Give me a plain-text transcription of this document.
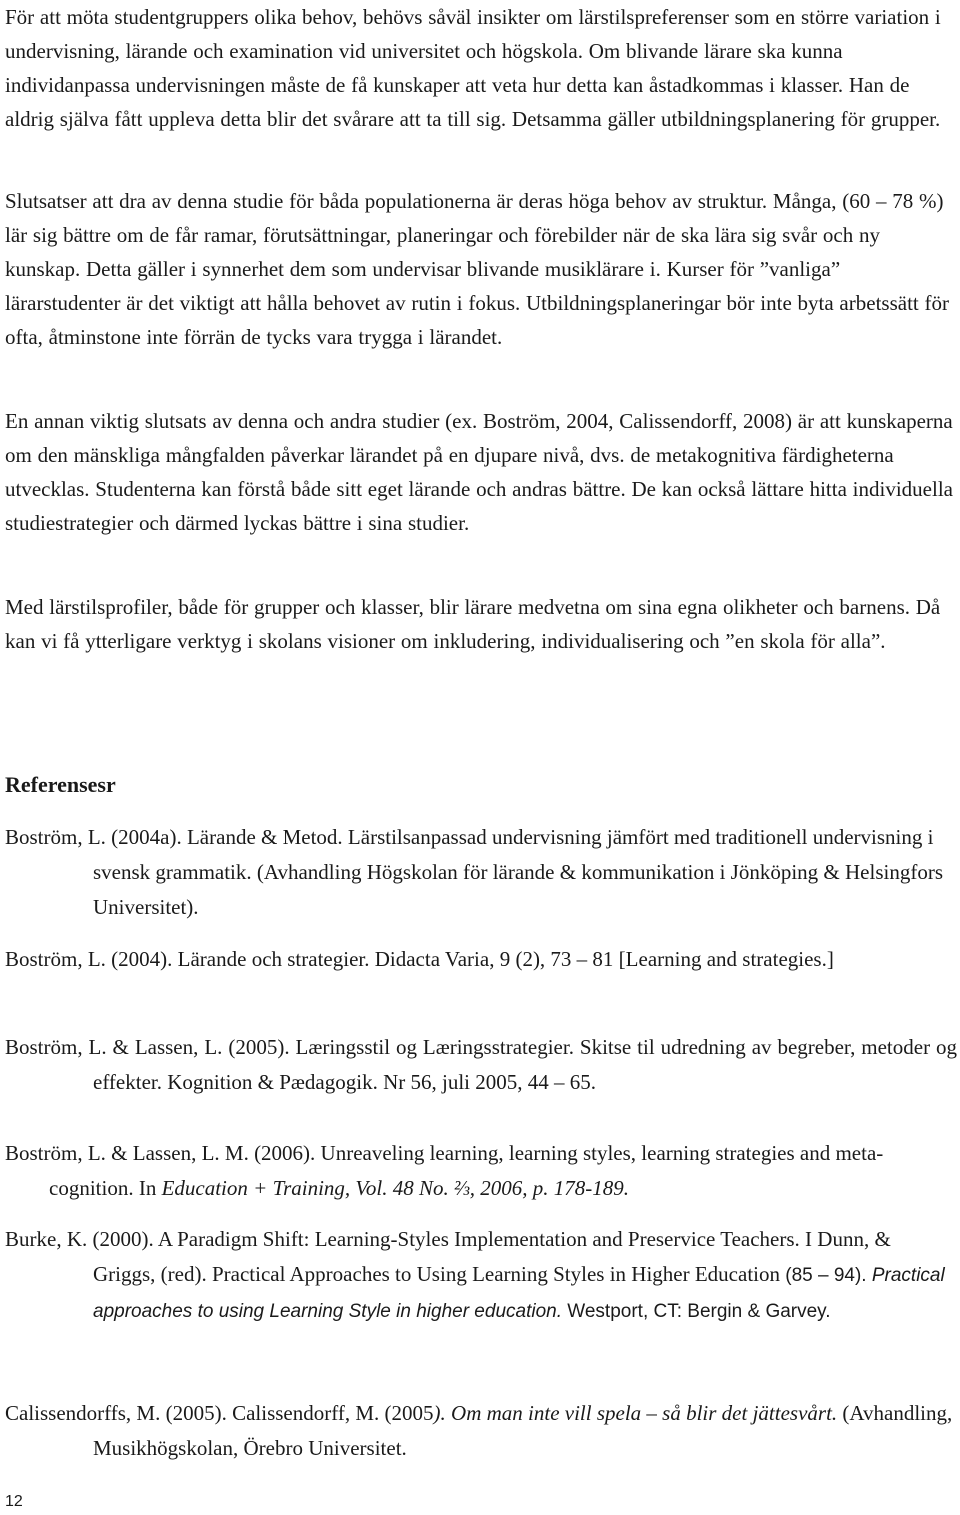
För att möta studentgruppers olika behov, behövs såväl insikter om lärstilspreferenser som en större variation i undervisning, lärande och examination vid universitet och högskola. Om blivande lärare ska kunna individanpassa undervisningen måste de få kunskaper att veta hur detta kan åstadkommas i klasser. Han de aldrig själva fått uppleva detta blir det svårare att ta till sig. Detsamma gäller utbildningsplanering för grupper.

Slutsatser att dra av denna studie för båda populationerna är deras höga behov av struktur. Många, (60 – 78 %) lär sig bättre om de får ramar, förutsättningar, planeringar och förebilder när de ska lära sig svår och ny kunskap. Detta gäller i synnerhet dem som undervisar blivande musiklärare i. Kurser för ”vanliga” lärarstudenter är det viktigt att hålla behovet av rutin i fokus. Utbildningsplaneringar bör inte byta arbetssätt för ofta, åtminstone inte förrän de tycks vara trygga i lärandet.

En annan viktig slutsats av denna och andra studier (ex. Boström, 2004, Calissendorff, 2008) är att kunskaperna om den mänskliga mångfalden påverkar lärandet på en djupare nivå, dvs. de metakognitiva färdigheterna utvecklas. Studenterna kan förstå både sitt eget lärande och andras bättre. De kan också lättare hitta individuella studiestrategier och därmed lyckas bättre i sina studier.

Med lärstilsprofiler, både för grupper och klasser, blir lärare medvetna om sina egna olikheter och barnens. Då kan vi få ytterligare verktyg i skolans visioner om inkludering, individualisering och ”en skola för alla”.

Referensesr

Boström, L. (2004a). Lärande & Metod. Lärstilsanpassad undervisning jämfört med traditionell undervisning i svensk grammatik. (Avhandling Högskolan för lärande & kommunikation i Jönköping & Helsingfors Universitet).

Boström, L. (2004). Lärande och strategier. Didacta Varia, 9 (2), 73 – 81 [Learning and strategies.]

Boström, L. & Lassen, L. (2005). Læringsstil og Læringsstrategier. Skitse til udredning av begreber, metoder og effekter. Kognition & Pædagogik. Nr 56, juli 2005, 44 – 65.

Boström, L. & Lassen, L. M. (2006). Unreaveling learning, learning styles, learning strategies and meta-cognition. In Education + Training, Vol. 48 No. ⅔, 2006, p. 178-189.

Burke, K. (2000). A Paradigm Shift: Learning-Styles Implementation and Preservice Teachers. I Dunn, & Griggs, (red). Practical Approaches to Using Learning Styles in Higher Education (85 – 94). Practical approaches to using Learning Style in higher education. Westport, CT: Bergin & Garvey.

Calissendorffs, M. (2005). Calissendorff, M. (2005). Om man inte vill spela – så blir det jättesvårt. (Avhandling, Musikhögskolan, Örebro Universitet.

12
